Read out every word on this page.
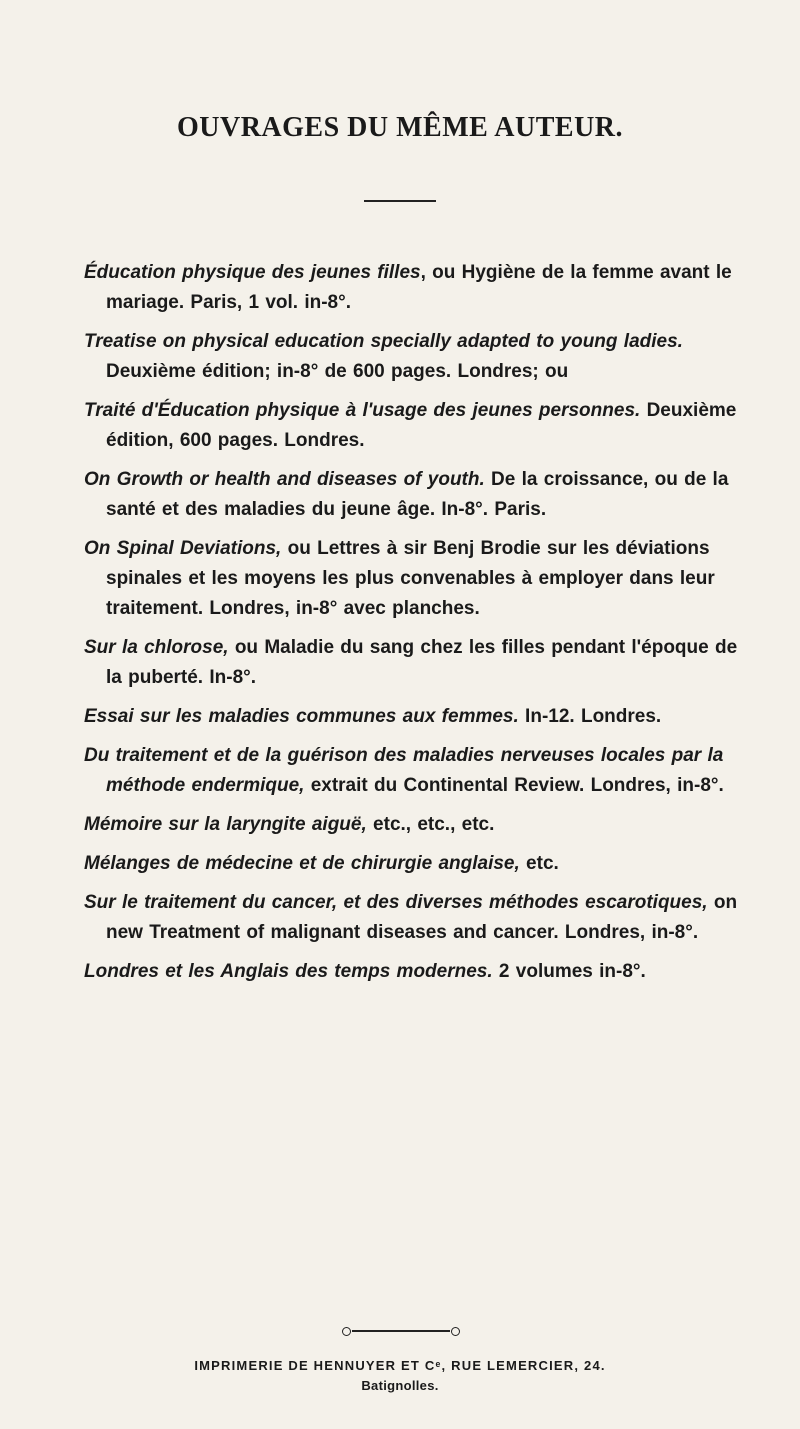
OUVRAGES DU MÊME AUTEUR.
Éducation physique des jeunes filles, ou Hygiène de la femme avant le mariage. Paris, 1 vol. in-8°.
Treatise on physical education specially adapted to young ladies. Deuxième édition; in-8° de 600 pages. Londres; ou
Traité d'Éducation physique à l'usage des jeunes personnes. Deuxième édition, 600 pages. Londres.
On Growth or health and diseases of youth. De la croissance, ou de la santé et des maladies du jeune âge. In-8°. Paris.
On Spinal Deviations, ou Lettres à sir Benj Brodie sur les déviations spinales et les moyens les plus convenables à employer dans leur traitement. Londres, in-8° avec planches.
Sur la chlorose, ou Maladie du sang chez les filles pendant l'époque de la puberté. In-8°.
Essai sur les maladies communes aux femmes. In-12. Londres.
Du traitement et de la guérison des maladies nerveuses locales par la méthode endermique, extrait du Continental Review. Londres, in-8°.
Mémoire sur la laryngite aiguë, etc., etc., etc.
Mélanges de médecine et de chirurgie anglaise, etc.
Sur le traitement du cancer, et des diverses méthodes escarotiques, on new Treatment of malignant diseases and cancer. Londres, in-8°.
Londres et les Anglais des temps modernes. 2 volumes in-8°.
IMPRIMERIE DE HENNUYER ET Cᵉ, RUE LEMERCIER, 24.
Batignolles.
